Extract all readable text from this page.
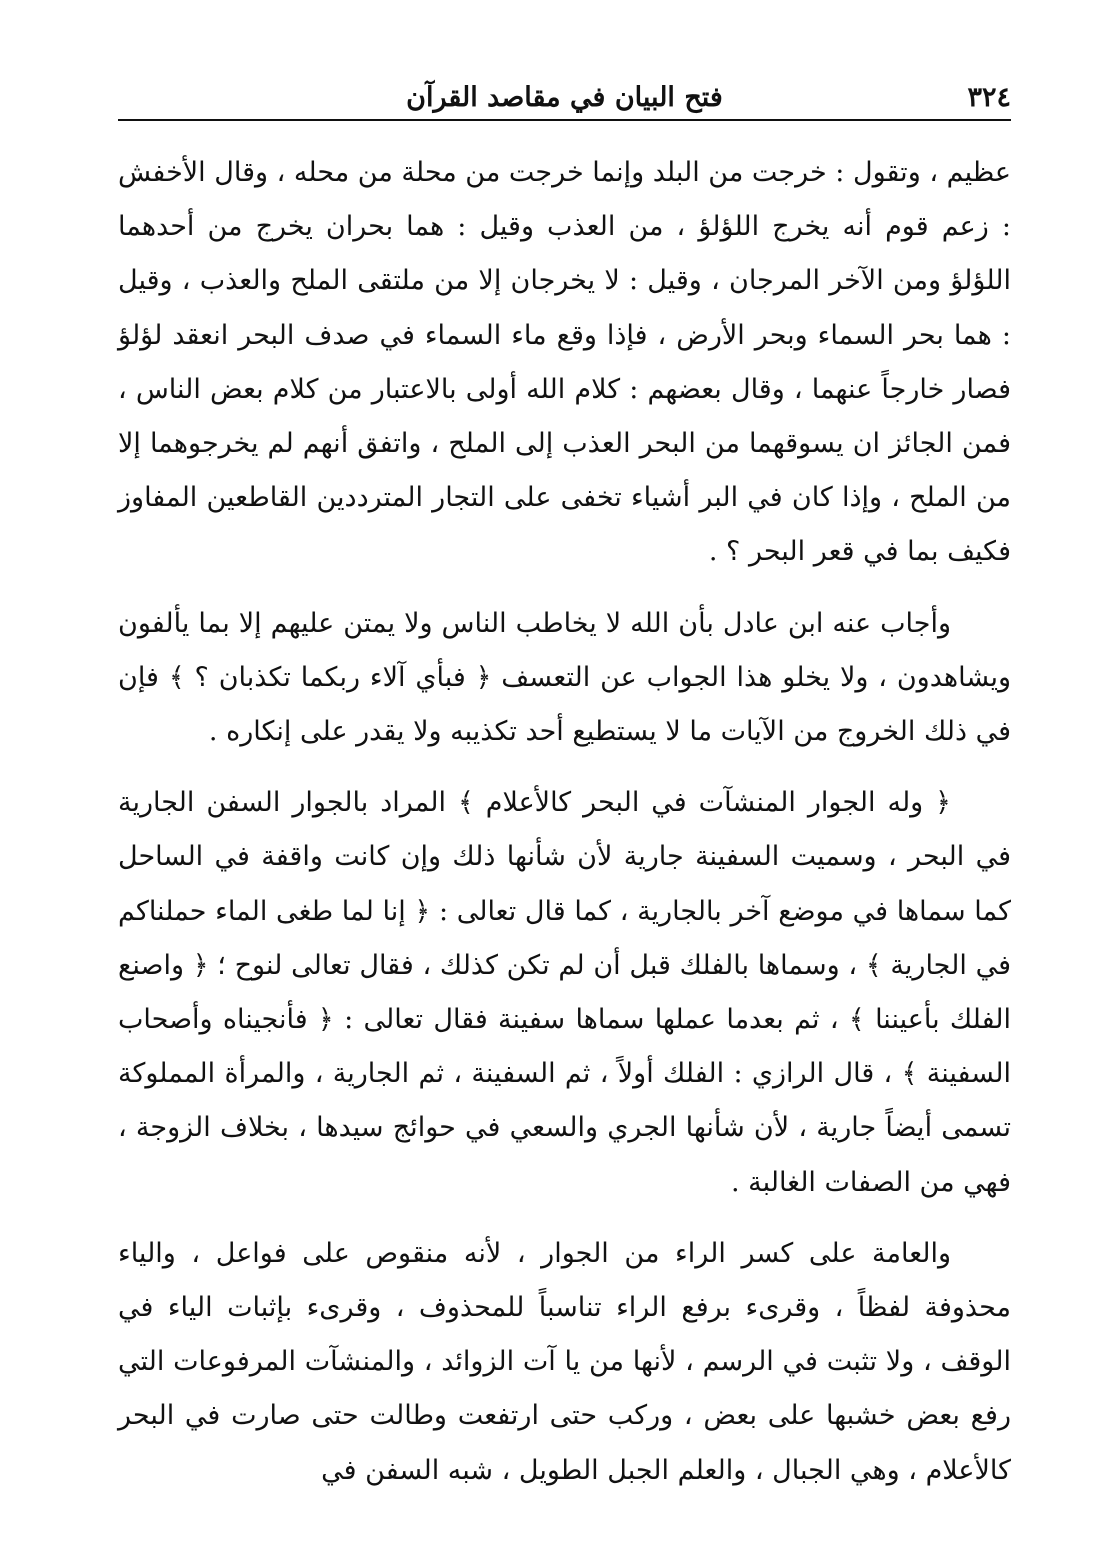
٣٢٤
فتح البيان في مقاصد القرآن

عظيم ، وتقول : خرجت من البلد وإنما خرجت من محلة من محله ، وقال الأخفش : زعم قوم أنه يخرج اللؤلؤ ، من العذب وقيل : هما بحران يخرج من أحدهما اللؤلؤ ومن الآخر المرجان ، وقيل : لا يخرجان إلا من ملتقى الملح والعذب ، وقيل : هما بحر السماء وبحر الأرض ، فإذا وقع ماء السماء في صدف البحر انعقد لؤلؤ فصار خارجاً عنهما ، وقال بعضهم : كلام الله أولى بالاعتبار من كلام بعض الناس ، فمن الجائز ان يسوقهما من البحر العذب إلى الملح ، واتفق أنهم لم يخرجوهما إلا من الملح ، وإذا كان في البر أشياء تخفى على التجار المترددين القاطعين المفاوز فكيف بما في قعر البحر ؟ .

وأجاب عنه ابن عادل بأن الله لا يخاطب الناس ولا يمتن عليهم إلا بما يألفون ويشاهدون ، ولا يخلو هذا الجواب عن التعسف ﴿ فبأي آلاء ربكما تكذبان ؟ ﴾ فإن في ذلك الخروج من الآيات ما لا يستطيع أحد تكذيبه ولا يقدر على إنكاره .

﴿ وله الجوار المنشآت في البحر كالأعلام ﴾ المراد بالجوار السفن الجارية في البحر ، وسميت السفينة جارية لأن شأنها ذلك وإن كانت واقفة في الساحل كما سماها في موضع آخر بالجارية ، كما قال تعالى : ﴿ إنا لما طغى الماء حملناكم في الجارية ﴾ ، وسماها بالفلك قبل أن لم تكن كذلك ، فقال تعالى لنوح ؛ ﴿ واصنع الفلك بأعيننا ﴾ ، ثم بعدما عملها سماها سفينة فقال تعالى : ﴿ فأنجيناه وأصحاب السفينة ﴾ ، قال الرازي : الفلك أولاً ، ثم السفينة ، ثم الجارية ، والمرأة المملوكة تسمى أيضاً جارية ، لأن شأنها الجري والسعي في حوائج سيدها ، بخلاف الزوجة ، فهي من الصفات الغالبة .

والعامة على كسر الراء من الجوار ، لأنه منقوص على فواعل ، والياء محذوفة لفظاً ، وقرىء برفع الراء تناسباً للمحذوف ، وقرىء بإثبات الياء في الوقف ، ولا تثبت في الرسم ، لأنها من يا آت الزوائد ، والمنشآت المرفوعات التي رفع بعض خشبها على بعض ، وركب حتى ارتفعت وطالت حتى صارت في البحر كالأعلام ، وهي الجبال ، والعلم الجبل الطويل ، شبه السفن في
